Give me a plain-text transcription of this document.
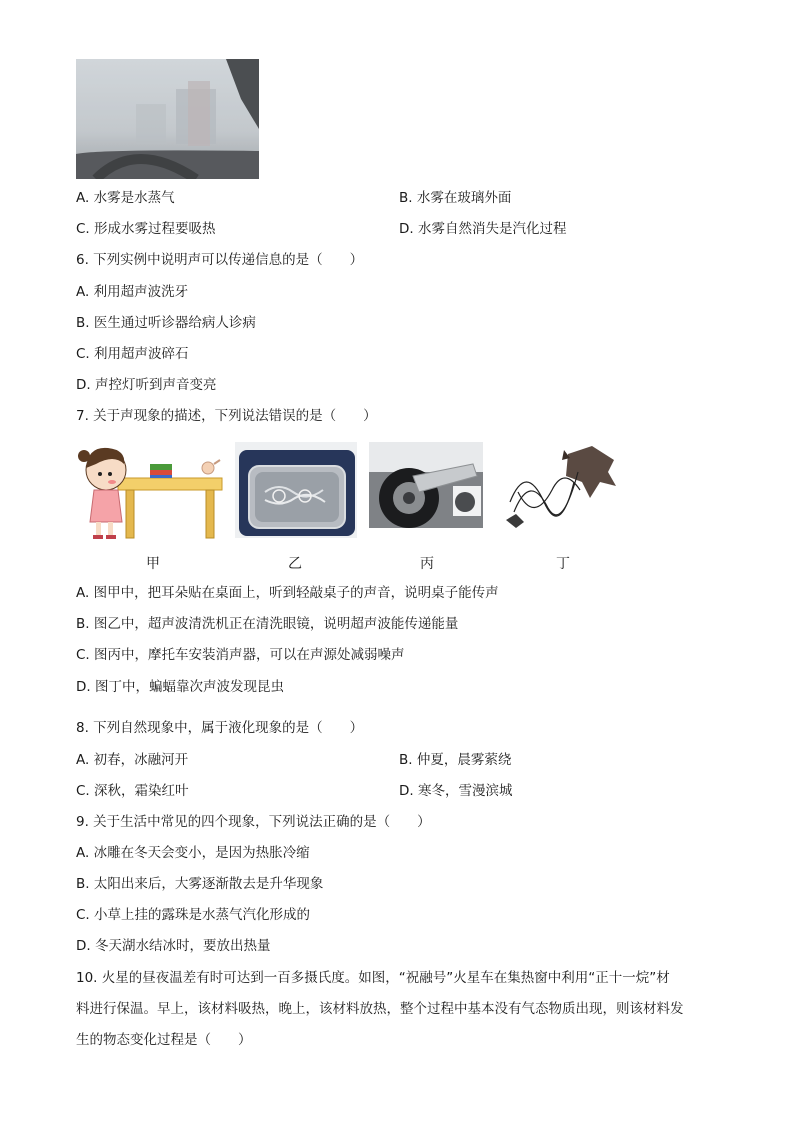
A. 水雾是水蒸气	B. 水雾在玻璃外面
C. 形成水雾过程要吸热	D. 水雾自然消失是汽化过程
6. 下列实例中说明声可以传递信息的是（　　）
A. 利用超声波洗牙
B. 医生通过听诊器给病人诊病
C. 利用超声波碎石
D. 声控灯听到声音变亮
7. 关于声现象的描述，下列说法错误的是（　　）
甲	乙	丙	丁
A. 图甲中，把耳朵贴在桌面上，听到轻敲桌子的声音，说明桌子能传声
B. 图乙中，超声波清洗机正在清洗眼镜，说明超声波能传递能量
C. 图丙中，摩托车安装消声器，可以在声源处减弱噪声
D. 图丁中，蝙蝠靠次声波发现昆虫
8. 下列自然现象中，属于液化现象的是（　　）
A. 初春，冰融河开	B. 仲夏，晨雾萦绕
C. 深秋，霜染红叶	D. 寒冬，雪漫滨城
9. 关于生活中常见的四个现象，下列说法正确的是（　　）
A. 冰雕在冬天会变小，是因为热胀冷缩
B. 太阳出来后，大雾逐渐散去是升华现象
C. 小草上挂的露珠是水蒸气汽化形成的
D. 冬天湖水结冰时，要放出热量
10. 火星的昼夜温差有时可达到一百多摄氏度。如图，“祝融号”火星车在集热窗中利用“正十一烷”材
料进行保温。早上，该材料吸热，晚上，该材料放热，整个过程中基本没有气态物质出现，则该材料发
生的物态变化过程是（　　）
